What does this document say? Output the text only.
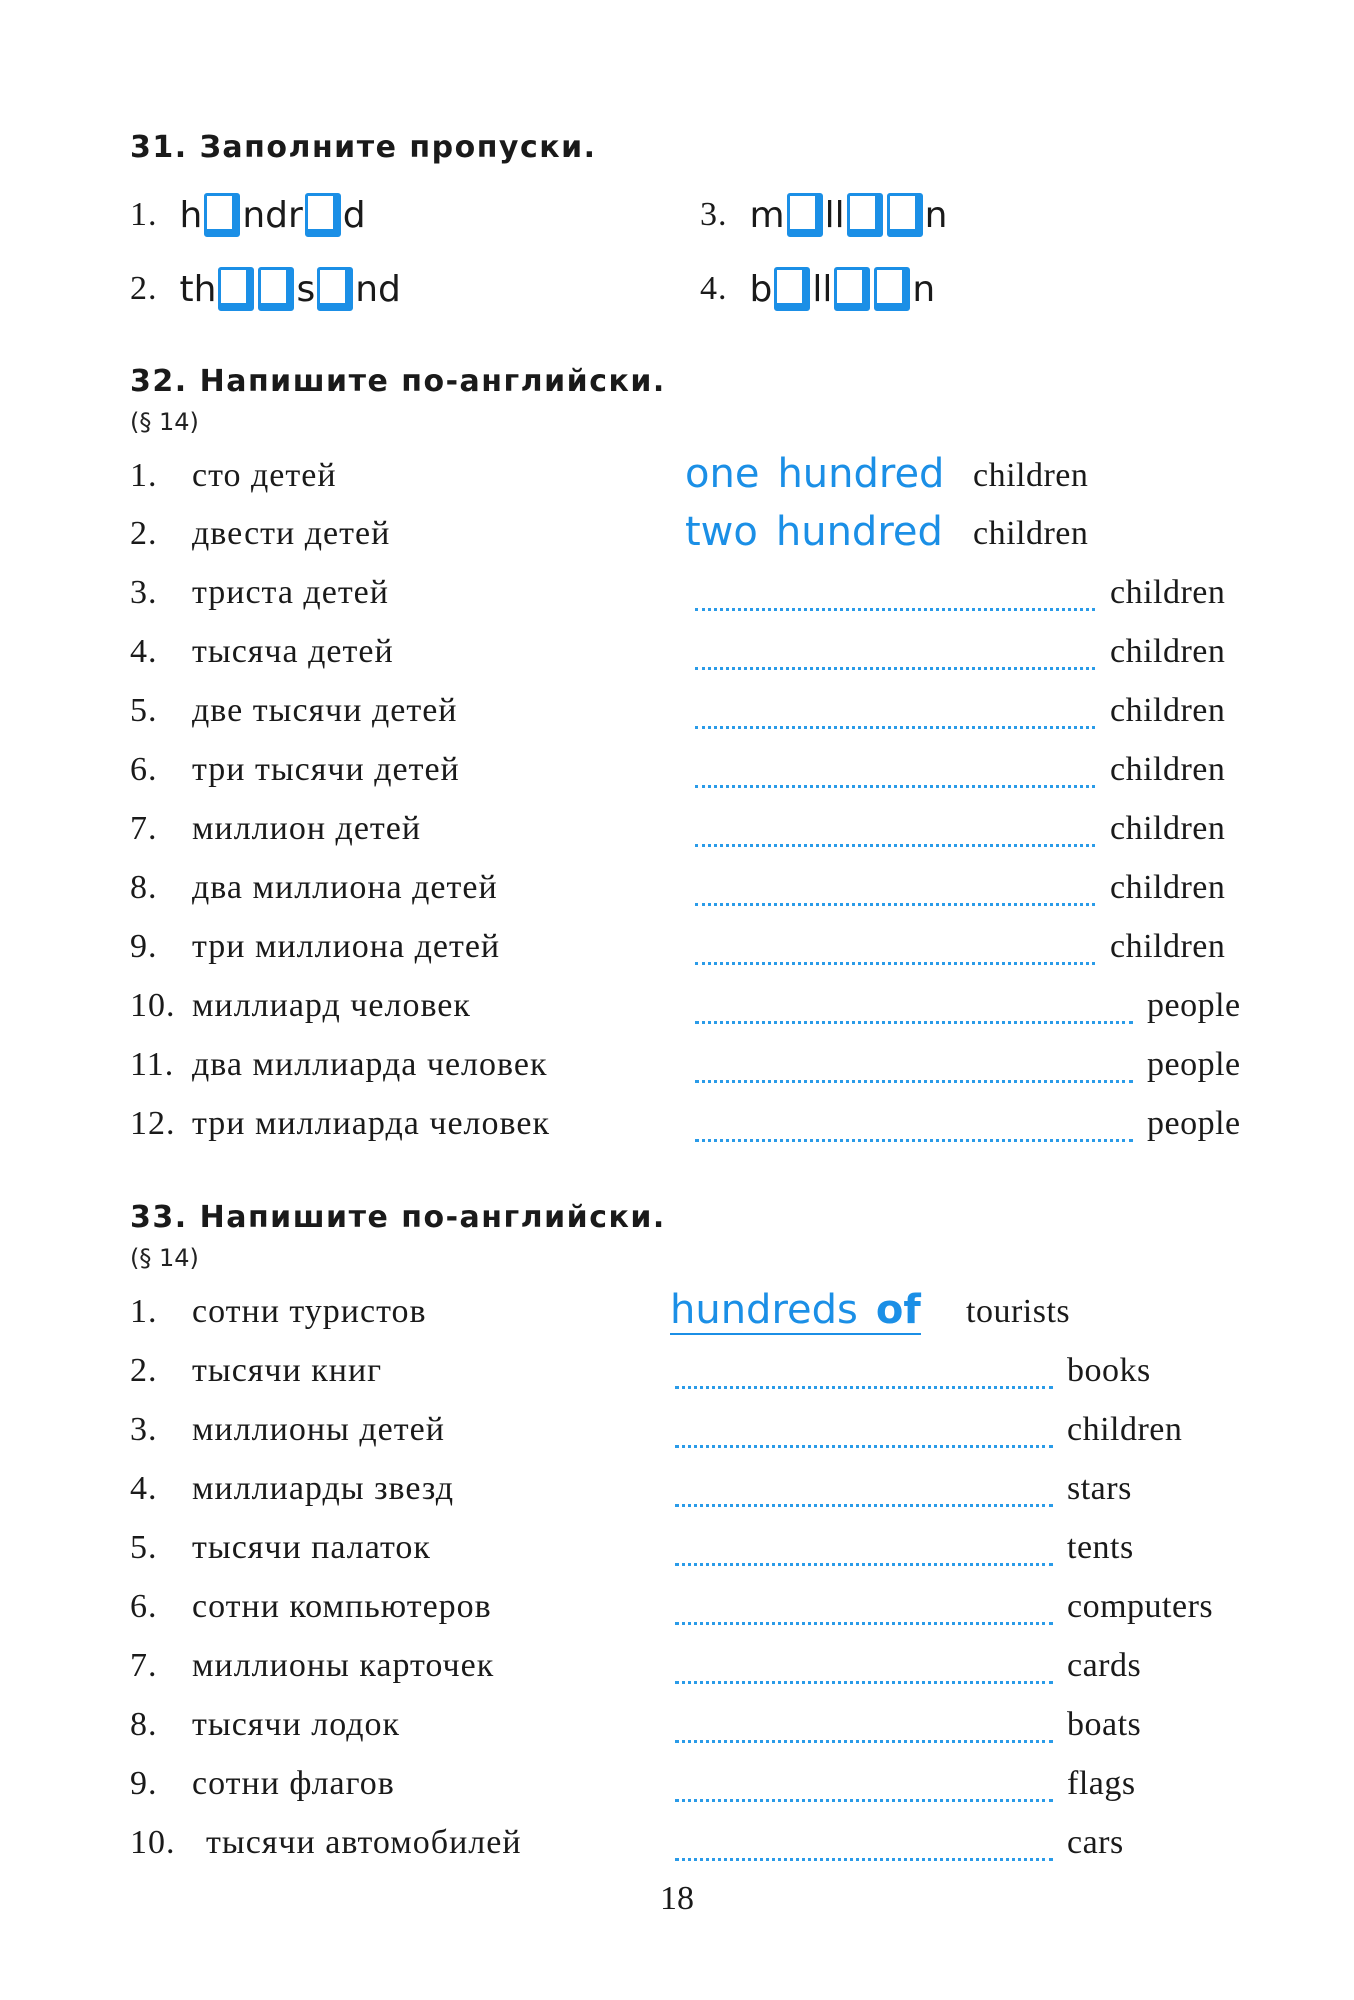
31. Заполните пропуски.
1. h ndr d
2. th s nd
3. m ll n
4. b ll n
32. Напишите по-английски.
(§ 14)
1. сто детей	one hundred children
2. двести детей	two hundred children
3. триста детей	children
4. тысяча детей	children
5. две тысячи детей	children
6. три тысячи детей	children
7. миллион детей	children
8. два миллиона детей	children
9. три миллиона детей	children
10. миллиард человек	people
11. два миллиарда человек	people
12. три миллиарда человек	people
33. Напишите по-английски.
(§ 14)
1. сотни туристов	hundreds of tourists
2. тысячи книг	books
3. миллионы детей	children
4. миллиарды звезд	stars
5. тысячи палаток	tents
6. сотни компьютеров	computers
7. миллионы карточек	cards
8. тысячи лодок	boats
9. сотни флагов	flags
10. тысячи автомобилей	cars
18
